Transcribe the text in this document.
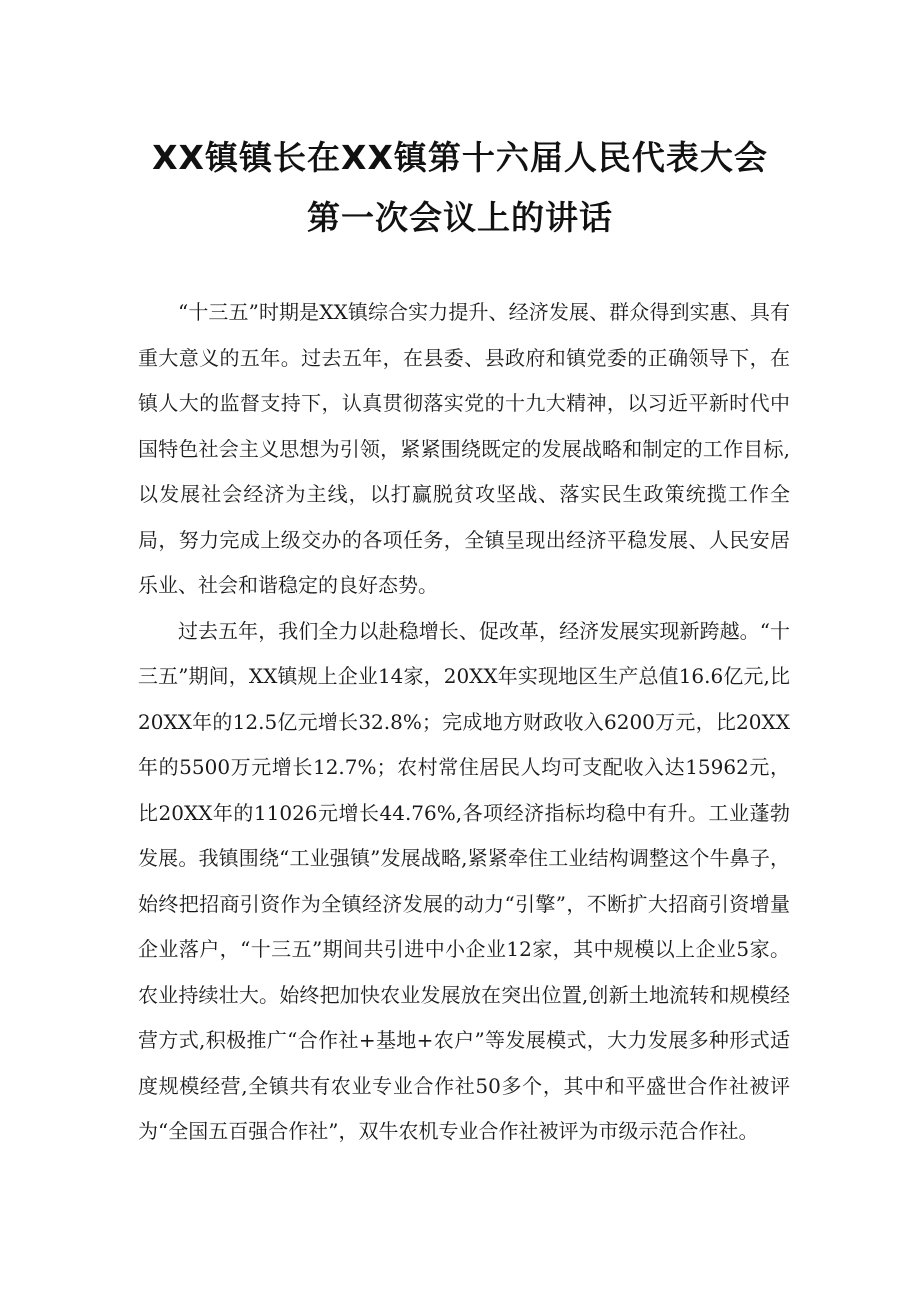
XX镇镇长在XX镇第十六届人民代表大会
第一次会议上的讲话

“十三五”时期是XX镇综合实力提升、经济发展、群众得到实惠、具有重大意义的五年。过去五年，在县委、县政府和镇党委的正确领导下，在镇人大的监督支持下，认真贯彻落实党的十九大精神，以习近平新时代中国特色社会主义思想为引领，紧紧围绕既定的发展战略和制定的工作目标,以发展社会经济为主线，以打赢脱贫攻坚战、落实民生政策统揽工作全局，努力完成上级交办的各项任务，全镇呈现出经济平稳发展、人民安居乐业、社会和谐稳定的良好态势。

过去五年，我们全力以赴稳增长、促改革，经济发展实现新跨越。“十三五”期间，XX镇规上企业14家，20XX年实现地区生产总值16.6亿元,比20XX年的12.5亿元增长32.8%；完成地方财政收入6200万元，比20XX年的5500万元增长12.7%；农村常住居民人均可支配收入达15962元，比20XX年的11026元增长44.76%,各项经济指标均稳中有升。工业蓬勃发展。我镇围绕“工业强镇”发展战略,紧紧牵住工业结构调整这个牛鼻子，始终把招商引资作为全镇经济发展的动力“引擎”，不断扩大招商引资增量企业落户，“十三五”期间共引进中小企业12家，其中规模以上企业5家。农业持续壮大。始终把加快农业发展放在突出位置,创新土地流转和规模经营方式,积极推广“合作社+基地+农户”等发展模式，大力发展多种形式适度规模经营,全镇共有农业专业合作社50多个，其中和平盛世合作社被评为“全国五百强合作社”，双牛农机专业合作社被评为市级示范合作社。
